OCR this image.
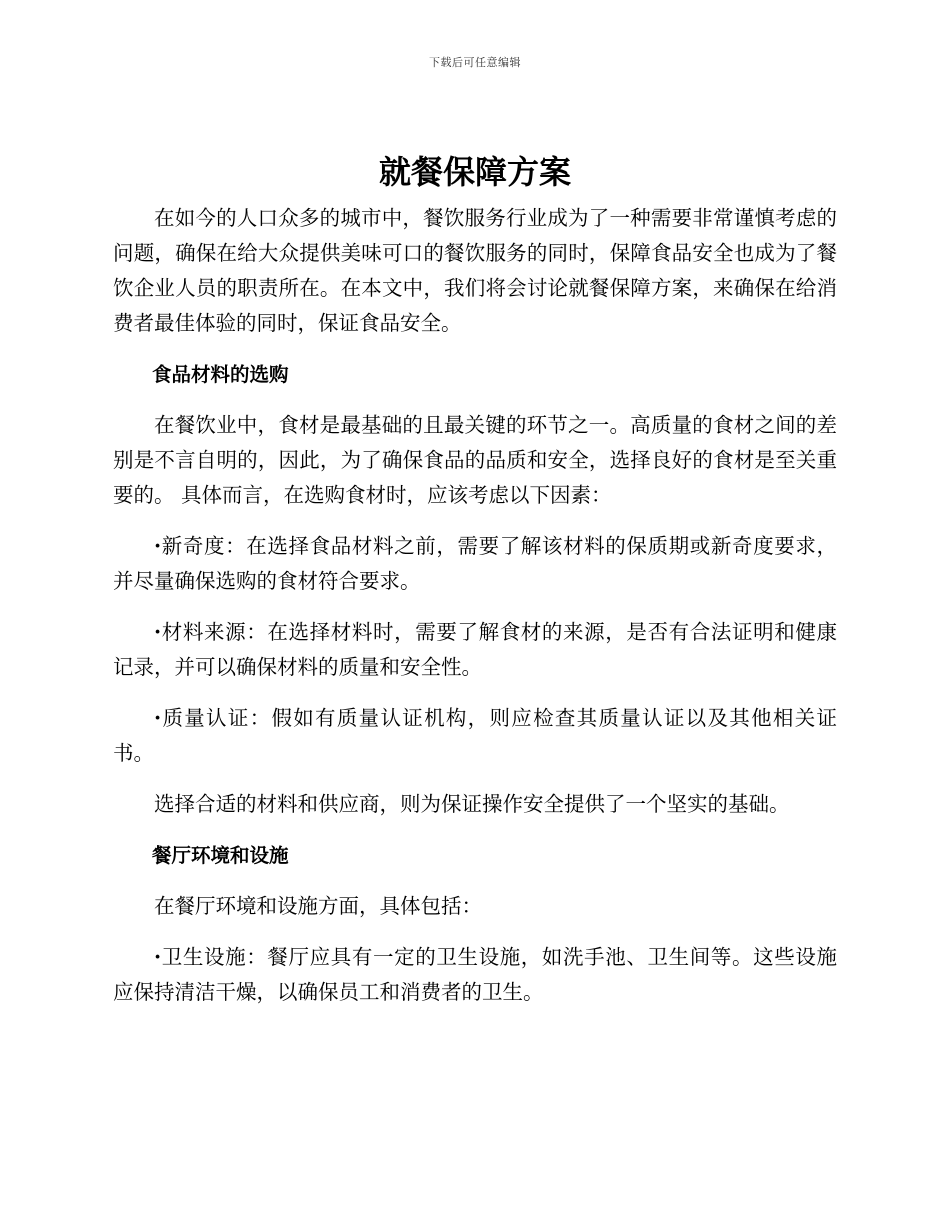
下载后可任意编辑
就餐保障方案

在如今的人口众多的城市中，餐饮服务行业成为了一种需要非常谨慎考虑的问题，确保在给大众提供美味可口的餐饮服务的同时，保障食品安全也成为了餐饮企业人员的职责所在。在本文中，我们将会讨论就餐保障方案，来确保在给消费者最佳体验的同时，保证食品安全。

食品材料的选购

在餐饮业中，食材是最基础的且最关键的环节之一。高质量的食材之间的差别是不言自明的，因此，为了确保食品的品质和安全，选择良好的食材是至关重要的。 具体而言，在选购食材时，应该考虑以下因素：

·新奇度：在选择食品材料之前，需要了解该材料的保质期或新奇度要求，并尽量确保选购的食材符合要求。

·材料来源：在选择材料时，需要了解食材的来源，是否有合法证明和健康记录，并可以确保材料的质量和安全性。

·质量认证：假如有质量认证机构，则应检查其质量认证以及其他相关证书。

选择合适的材料和供应商，则为保证操作安全提供了一个坚实的基础。

餐厅环境和设施

在餐厅环境和设施方面，具体包括：

·卫生设施：餐厅应具有一定的卫生设施，如洗手池、卫生间等。这些设施应保持清洁干燥，以确保员工和消费者的卫生。
